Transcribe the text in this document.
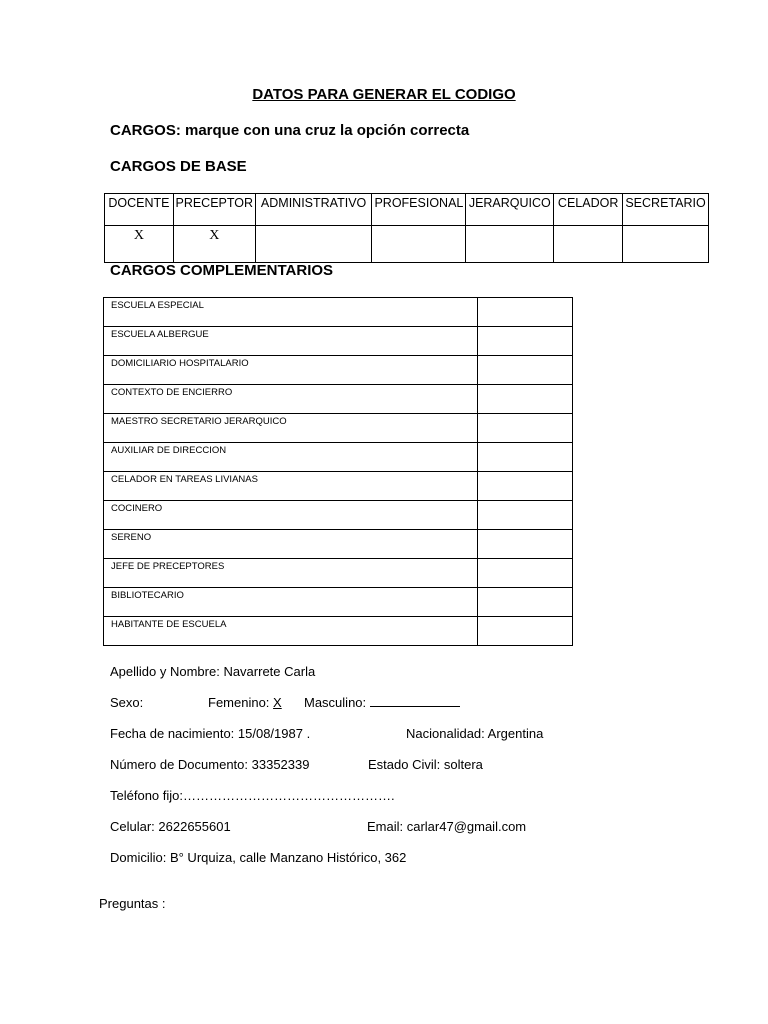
DATOS PARA GENERAR EL CODIGO
CARGOS: marque con una cruz la opción correcta
CARGOS DE BASE
DOCENTE	PRECEPTOR	ADMINISTRATIVO	PROFESIONAL	JERARQUICO	CELADOR	SECRETARIO
X	X					
CARGOS COMPLEMENTARIOS
ESCUELA ESPECIAL	
ESCUELA ALBERGUE	
DOMICILIARIO HOSPITALARIO	
CONTEXTO DE ENCIERRO	
MAESTRO SECRETARIO JERARQUICO	
AUXILIAR DE DIRECCION	
CELADOR EN TAREAS LIVIANAS	
COCINERO	
SERENO	
JEFE DE PRECEPTORES	
BIBLIOTECARIO	
HABITANTE DE ESCUELA	
Apellido y Nombre: Navarrete Carla
Sexo:	Femenino: X Masculino:
Fecha de nacimiento: 15/08/1987 .	Nacionalidad: Argentina
Número de Documento: 33352339	Estado Civil: soltera
Teléfono fijo:………………………………………….
Celular: 2622655601	Email: carlar47@gmail.com
Domicilio: B° Urquiza, calle Manzano Histórico, 362
Preguntas :
